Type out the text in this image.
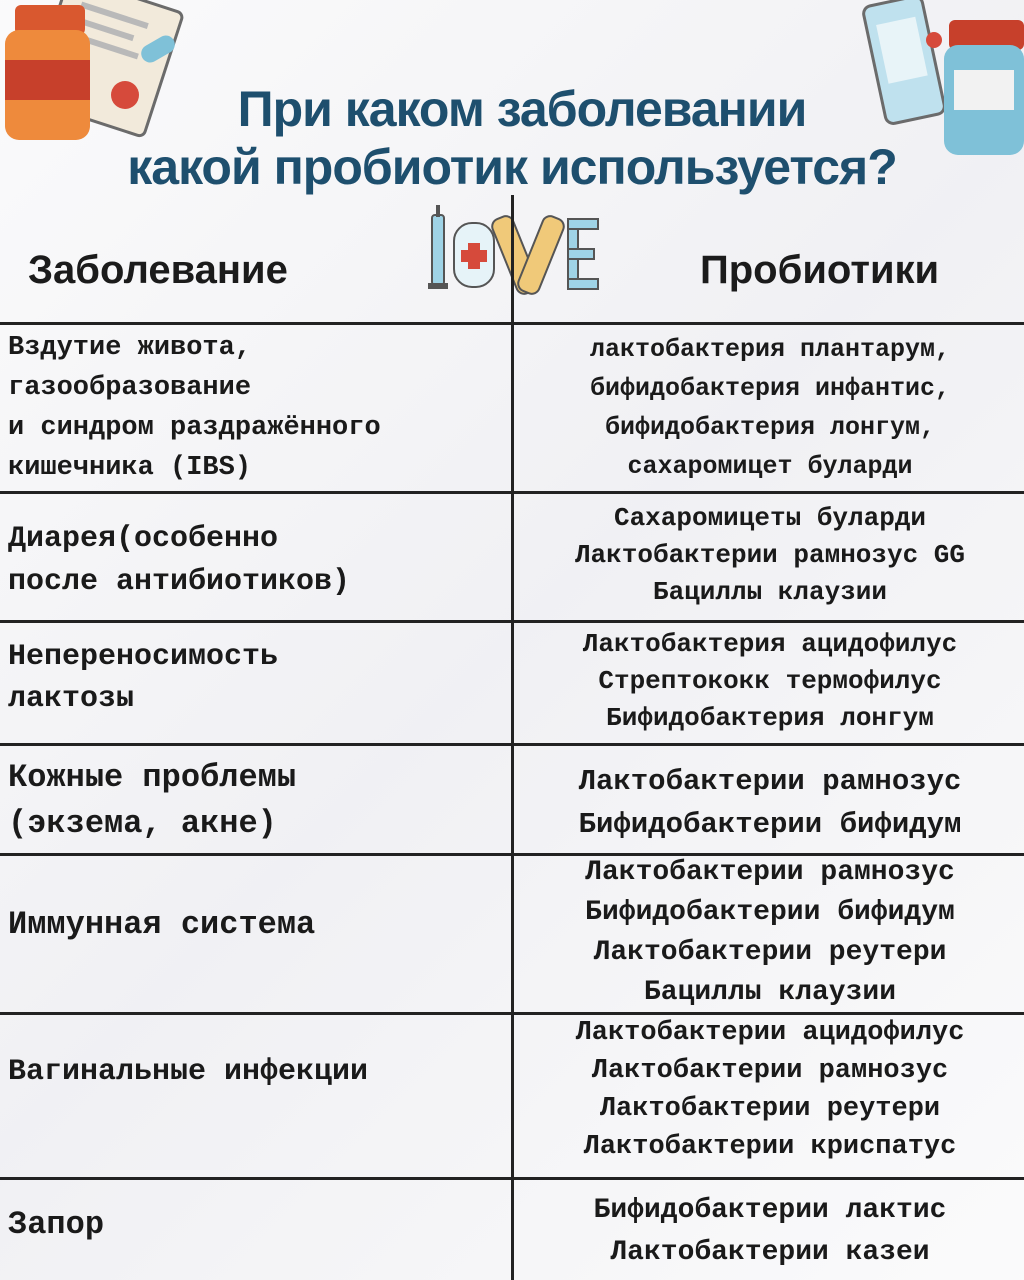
При каком заболевании
какой пробиотик используется?
Заболевание	Пробиотики
Вздутие живота,
газообразование
и синдром раздражённого
кишечника (IBS)
лактобактерия плантарум,
бифидобактерия инфантис,
бифидобактерия лонгум,
сахаромицет буларди
Диарея(особенно
после антибиотиков)
Сахаромицеты буларди
Лактобактерии рамнозус GG
Бациллы клаузии
Непереносимость
лактозы
Лактобактерия ацидофилус
Стрептококк термофилус
Бифидобактерия лонгум
Кожные проблемы
(экзема, акне)
Лактобактерии рамнозус
Бифидобактерии бифидум
Иммунная система
Лактобактерии рамнозус
Бифидобактерии бифидум
Лактобактерии реутери
Бациллы клаузии
Вагинальные инфекции
Лактобактерии ацидофилус
Лактобактерии рамнозус
Лактобактерии реутери
Лактобактерии криспатус
Запор	Бифидобактерии лактис
Лактобактерии казеи
